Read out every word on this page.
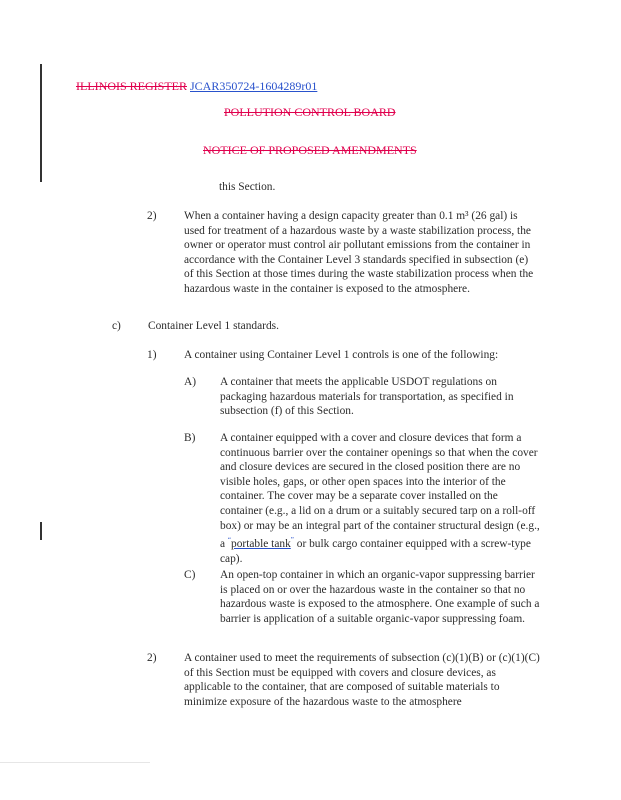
ILLINOIS REGISTER JCAR350724-1604289r01
POLLUTION CONTROL BOARD
NOTICE OF PROPOSED AMENDMENTS
this Section.
2) When a container having a design capacity greater than 0.1 m³ (26 gal) is used for treatment of a hazardous waste by a waste stabilization process, the owner or operator must control air pollutant emissions from the container in accordance with the Container Level 3 standards specified in subsection (e) of this Section at those times during the waste stabilization process when the hazardous waste in the container is exposed to the atmosphere.
c) Container Level 1 standards.
1) A container using Container Level 1 controls is one of the following:
A) A container that meets the applicable USDOT regulations on packaging hazardous materials for transportation, as specified in subsection (f) of this Section.
B) A container equipped with a cover and closure devices that form a continuous barrier over the container openings so that when the cover and closure devices are secured in the closed position there are no visible holes, gaps, or other open spaces into the interior of the container. The cover may be a separate cover installed on the container (e.g., a lid on a drum or a suitably secured tarp on a roll-off box) or may be an integral part of the container structural design (e.g., a “portable tank” or bulk cargo container equipped with a screw-type cap).
C) An open-top container in which an organic-vapor suppressing barrier is placed on or over the hazardous waste in the container so that no hazardous waste is exposed to the atmosphere. One example of such a barrier is application of a suitable organic-vapor suppressing foam.
2) A container used to meet the requirements of subsection (c)(1)(B) or (c)(1)(C) of this Section must be equipped with covers and closure devices, as applicable to the container, that are composed of suitable materials to minimize exposure of the hazardous waste to the atmosphere
